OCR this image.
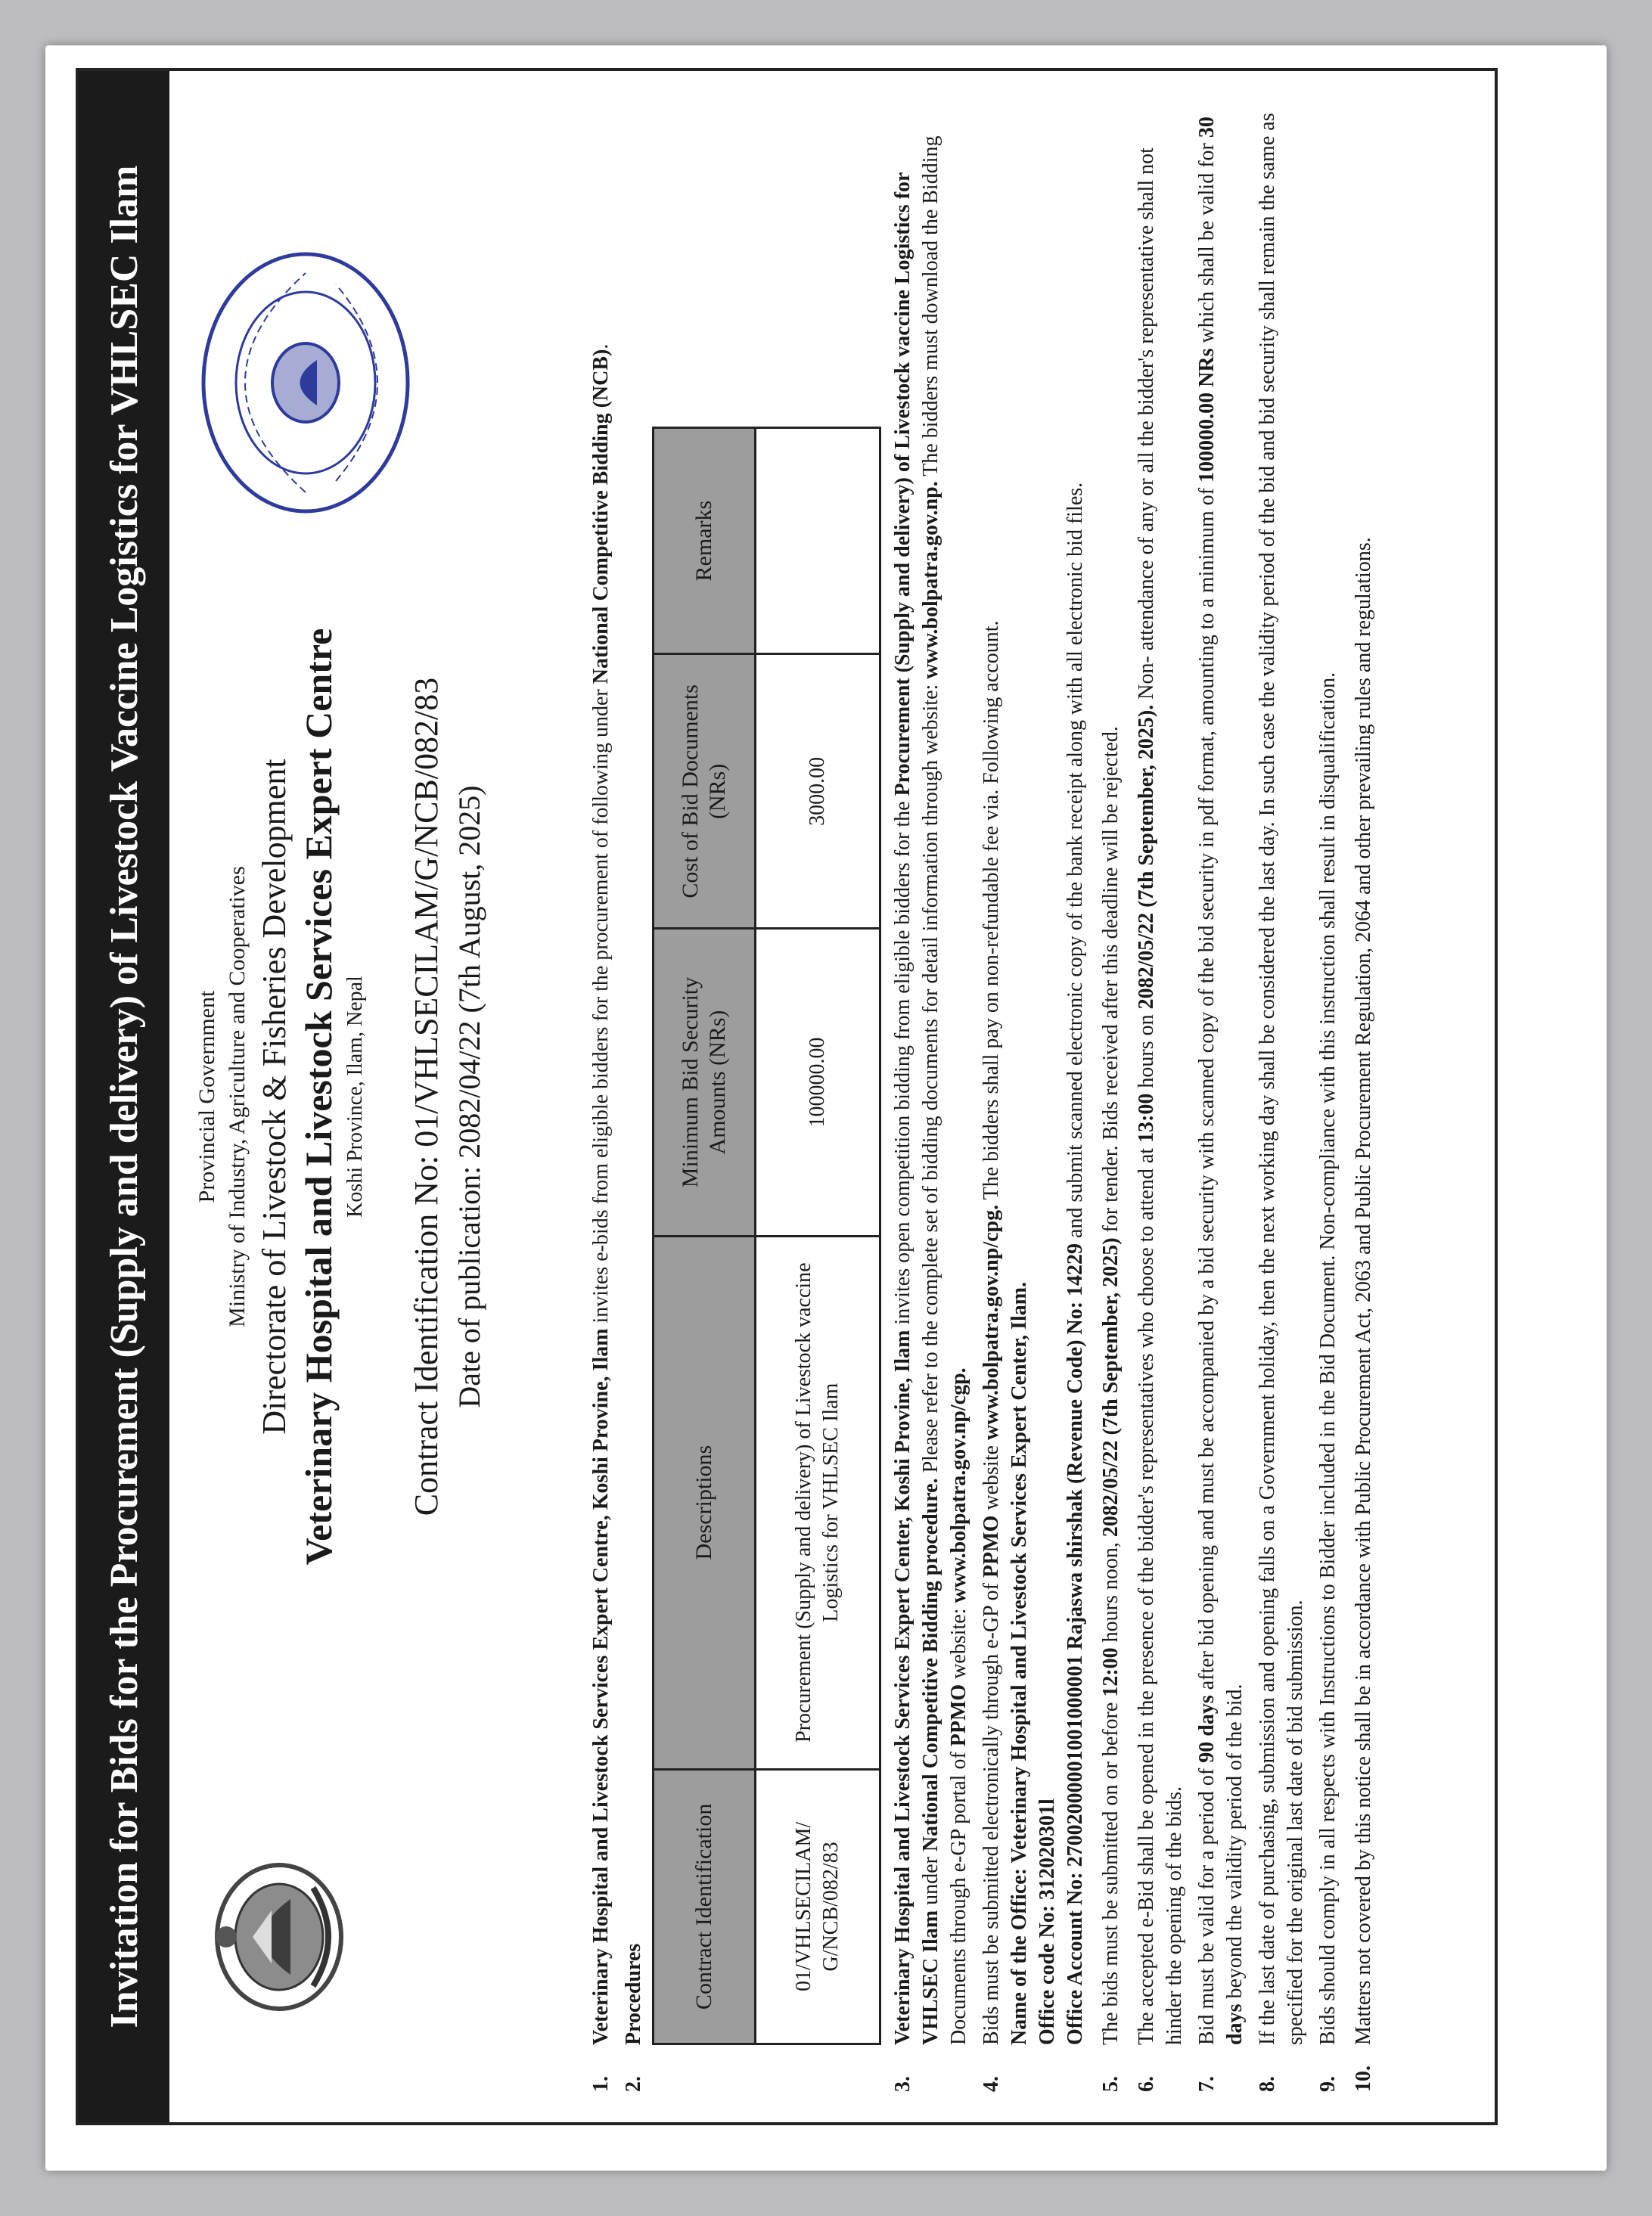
Invitation for Bids for the Procurement (Supply and delivery) of Livestock Vaccine Logistics for VHLSEC Ilam	Provincial Government Ministry of Industry, Agriculture and Cooperatives Directorate of Livestock & Fisheries Development Veterinary Hospital and Livestock Services Expert Centre Koshi Province, Ilam, Nepal Contract Identification No: 01/VHLSECILAM/G/NCB/082/83 Date of publication: 2082/04/22 (7th August, 2025)
1.
Veterinary Hospital and Livestock Services Expert Centre, Koshi Provine, Ilam invites e-bids from eligible bidders for the procurement of following under National Competitive Bidding (NCB).
2.
Procedures Contract Identification	Descriptions	Minimum Bid Security Amounts (NRs)	Cost of Bid Documents (NRs)	Remarks
01/VHLSECILAM/ G/NCB/082/83	Procurement (Supply and delivery) of Livestock vaccine Logistics for VHLSEC Ilam	100000.00	3000.00	
3.
Veterinary Hospital and Livestock Services Expert Center, Koshi Provine, Ilam invites open competition bidding from eligible bidders for the Procurement (Supply and delivery) of Livestock vaccine Logistics for VHLSEC Ilam under National Competitive Bidding procedure. Please refer to the complete set of bidding documents for detail information through website: www.bolpatra.gov.np. The bidders must download the Bidding Documents through e-GP portal of PPMO website: www.bolpatra.gov.np/cgp.
4.
Bids must be submitted electronically through e-GP of PPMO website www.bolpatra.gov.np/cpg. The bidders shall pay on non-refundable fee via. Following account.
Name of the Office: Veterinary Hospital and Livestock Services Expert Center, Ilam. Office code No: 312020301l Office Account No: 27002000001001000001 Rajaswa shirshak (Revenue Code) No: 14229 and submit scanned electronic copy of the bank receipt along with all electronic bid files.
5.
The bids must be submitted on or before 12:00 hours noon, 2082/05/22 (7th September, 2025) for tender. Bids received after this deadline will be rejected.
6.
The accepted e-Bid shall be opened in the presence of the bidder's representatives who choose to attend at 13:00 hours on 2082/05/22 (7th September, 2025). Non- attendance of any or all the bidder's representative shall not hinder the opening of the bids.
7.
Bid must be valid for a period of 90 days after bid opening and must be accompanied by a bid security with scanned copy of the bid security in pdf format, amounting to a minimum of 100000.00 NRs which shall be valid for 30 days beyond the validity period of the bid.
8.
If the last date of purchasing, submission and opening falls on a Government holiday, then the next working day shall be considered the last day. In such case the validity period of the bid and bid security shall remain the same as specified for the original last date of bid submission.
9.
Bids should comply in all respects with Instructions to Bidder included in the Bid Document. Non-compliance with this instruction shall result in disqualification.
10.
Matters not covered by this notice shall be in accordance with Public Procurement Act, 2063 and Public Procurement Regulation, 2064 and other prevailing rules and regulations.
